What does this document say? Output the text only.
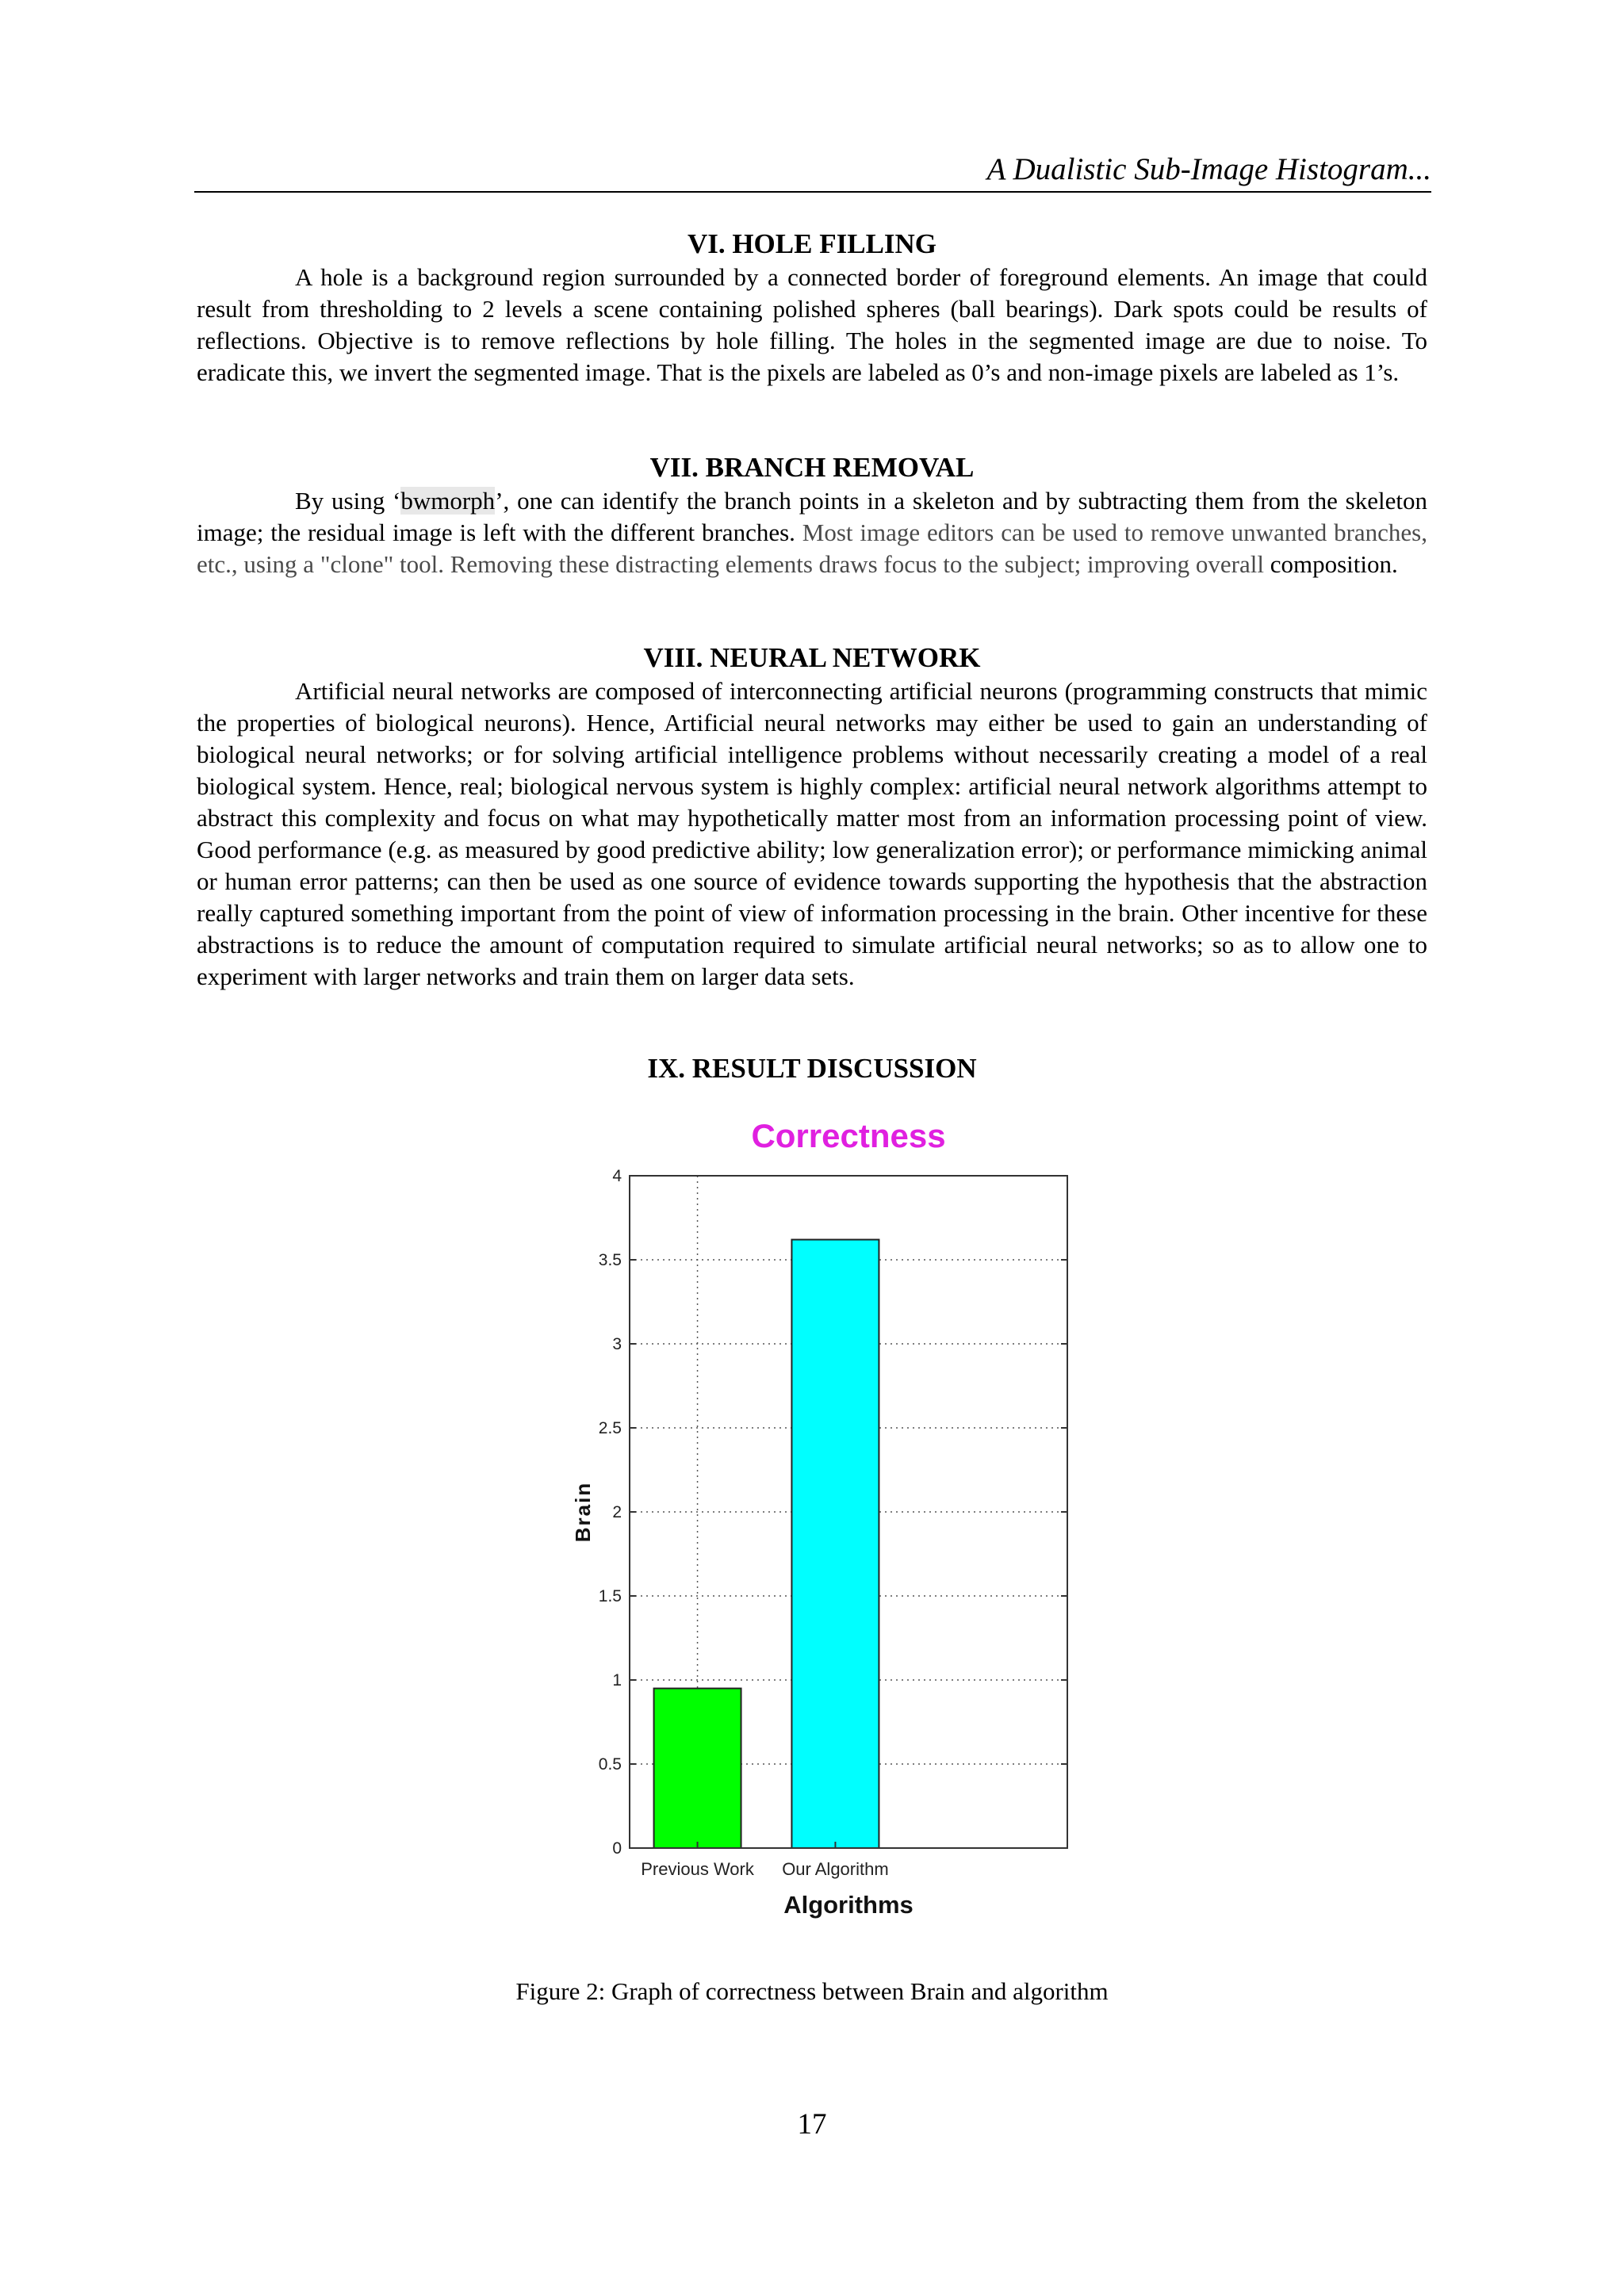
A Dualistic Sub-Image Histogram...
VI. HOLE FILLING

A hole is a background region surrounded by a connected border of foreground elements. An image that could result from thresholding to 2 levels a scene containing polished spheres (ball bearings). Dark spots could be results of reflections. Objective is to remove reflections by hole filling. The holes in the segmented image are due to noise. To eradicate this, we invert the segmented image. That is the pixels are labeled as 0’s and non-image pixels are labeled as 1’s.

VII. BRANCH REMOVAL

By using ‘bwmorph’, one can identify the branch points in a skeleton and by subtracting them from the skeleton image; the residual image is left with the different branches. Most image editors can be used to remove unwanted branches, etc., using a "clone" tool. Removing these distracting elements draws focus to the subject; improving overall composition.

VIII. NEURAL NETWORK

Artificial neural networks are composed of interconnecting artificial neurons (programming constructs that mimic the properties of biological neurons). Hence, Artificial neural networks may either be used to gain an understanding of biological neural networks; or for solving artificial intelligence problems without necessarily creating a model of a real biological system. Hence, real; biological nervous system is highly complex: artificial neural network algorithms attempt to abstract this complexity and focus on what may hypothetically matter most from an information processing point of view. Good performance (e.g. as measured by good predictive ability; low generalization error); or performance mimicking animal or human error patterns; can then be used as one source of evidence towards supporting the hypothesis that the abstraction really captured something important from the point of view of information processing in the brain. Other incentive for these abstractions is to reduce the amount of computation required to simulate artificial neural networks; so as to allow one to experiment with larger networks and train them on larger data sets.

IX. RESULT DISCUSSION
Correctness
0
0.5
1
1.5
2
2.5
3
3.5
4
Previous Work Our Algorithm
Algorithms
Brain
Figure 2: Graph of correctness between Brain and algorithm
17
